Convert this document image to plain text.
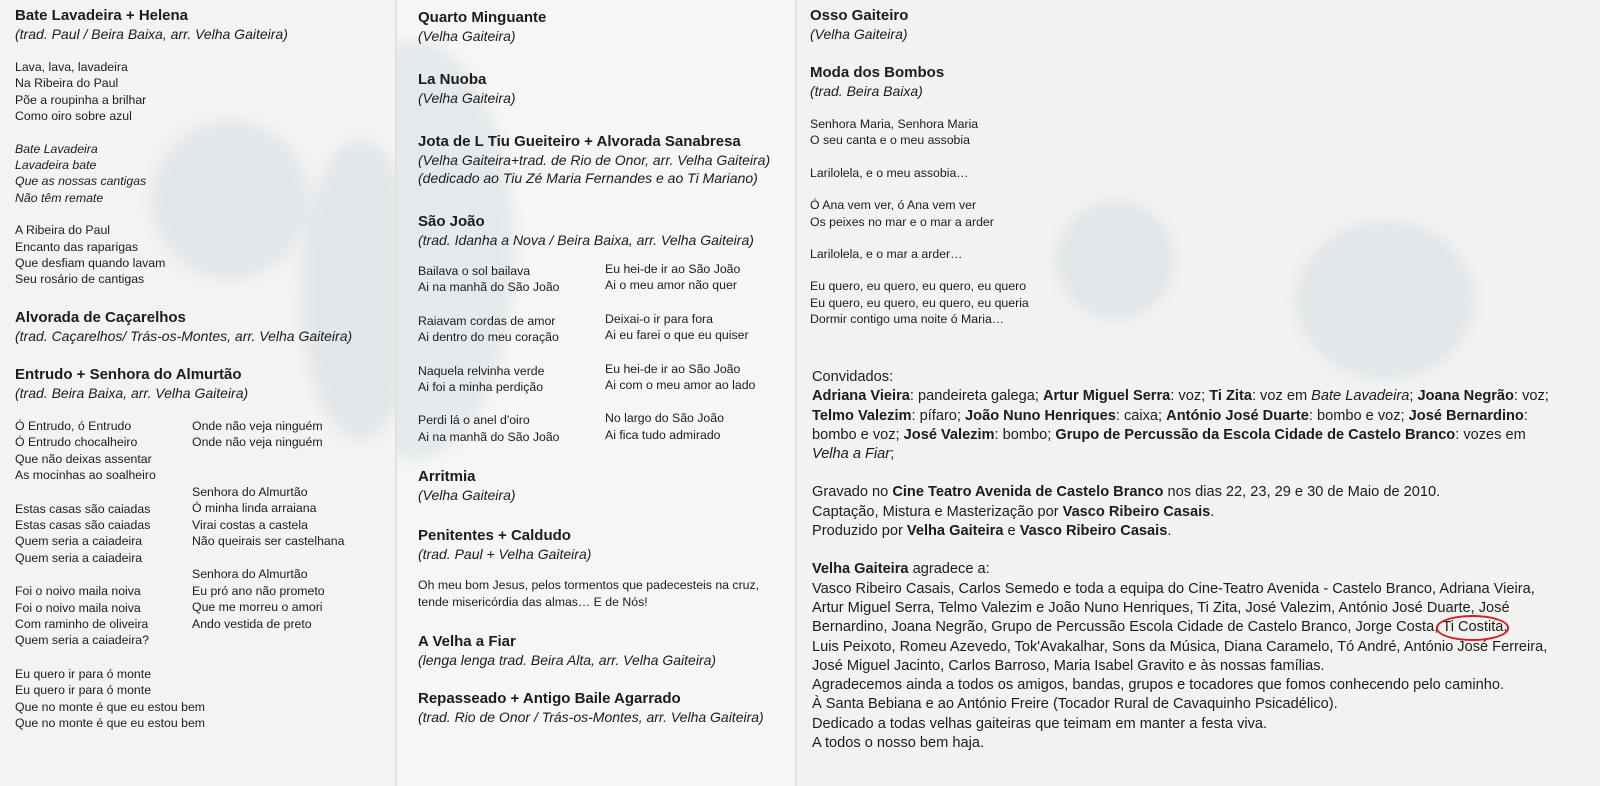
Bate Lavadeira + Helena
(trad. Paul / Beira Baixa, arr. Velha Gaiteira)
Lava, lava, lavadeira
Na Ribeira do Paul
Põe a roupinha a brilhar
Como oiro sobre azul
Bate Lavadeira
Lavadeira bate
Que as nossas cantigas
Não têm remate
A Ribeira do Paul
Encanto das raparigas
Que desfiam quando lavam
Seu rosário de cantigas
Alvorada de Caçarelhos
(trad. Caçarelhos/ Trás-os-Montes, arr. Velha Gaiteira)
Entrudo + Senhora do Almurtão
(trad. Beira Baixa, arr. Velha Gaiteira)
Ó Entrudo, ó Entrudo
Ó Entrudo chocalheiro
Que não deixas assentar
As mocinhas ao soalheiro
Estas casas são caiadas
Estas casas são caiadas
Quem seria a caiadeira
Quem seria a caiadeira
Foi o noivo maila noiva
Foi o noivo maila noiva
Com raminho de oliveira
Quem seria a caiadeira?
Eu quero ir para ó monte
Eu quero ir para ó monte
Que no monte é que eu estou bem
Que no monte é que eu estou bem
Onde não veja ninguém
Onde não veja ninguém
Senhora do Almurtão
Ó minha linda arraiana
Virai costas a castela
Não queirais ser castelhana
Senhora do Almurtão
Eu pró ano não prometo
Que me morreu o amori
Ando vestida de preto
Quarto Minguante
(Velha Gaiteira)
La Nuoba
(Velha Gaiteira)
Jota de L Tiu Gueiteiro + Alvorada Sanabresa
(Velha Gaiteira+trad. de Rio de Onor, arr. Velha Gaiteira)
(dedicado ao Tiu Zé Maria Fernandes e ao Ti Mariano)
São João
(trad. Idanha a Nova / Beira Baixa, arr. Velha Gaiteira)
Bailava o sol bailava
Ai na manhã do São João
Raiavam cordas de amor
Ai dentro do meu coração
Naquela relvinha verde
Ai foi a minha perdição
Perdi lá o anel d'oiro
Ai na manhã do São João
Eu hei-de ir ao São João
Ai o meu amor não quer
Deixai-o ir para fora
Ai eu farei o que eu quiser
Eu hei-de ir ao São João
Ai com o meu amor ao lado
No largo do São João
Ai fica tudo admirado
Arritmia
(Velha Gaiteira)
Penitentes + Caldudo
(trad. Paul + Velha Gaiteira)
Oh meu bom Jesus, pelos tormentos que padecesteis na cruz,
tende misericórdia das almas… E de Nós!
A Velha a Fiar
(lenga lenga trad. Beira Alta, arr. Velha Gaiteira)
Repasseado + Antigo Baile Agarrado
(trad. Rio de Onor / Trás-os-Montes, arr. Velha Gaiteira)
Osso Gaiteiro
(Velha Gaiteira)
Moda dos Bombos
(trad. Beira Baixa)
Senhora Maria, Senhora Maria
O seu canta e o meu assobia
Larilolela, e o meu assobia…
Ó Ana vem ver, ó Ana vem ver
Os peixes no mar e o mar a arder
Larilolela, e o mar a arder…
Eu quero, eu quero, eu quero, eu quero
Eu quero, eu quero, eu quero, eu queria
Dormir contigo uma noite ó Maria…
Convidados:
Adriana Vieira: pandeireta galega; Artur Miguel Serra: voz; Ti Zita: voz em Bate Lavadeira; Joana Negrão: voz;
Telmo Valezim: pífaro; João Nuno Henriques: caixa; António José Duarte: bombo e voz; José Bernardino:
bombo e voz; José Valezim: bombo; Grupo de Percussão da Escola Cidade de Castelo Branco: vozes em
Velha a Fiar;
Gravado no Cine Teatro Avenida de Castelo Branco nos dias 22, 23, 29 e 30 de Maio de 2010.
Captação, Mistura e Masterização por Vasco Ribeiro Casais.
Produzido por Velha Gaiteira e Vasco Ribeiro Casais.
Velha Gaiteira agradece a:
Vasco Ribeiro Casais, Carlos Semedo e toda a equipa do Cine-Teatro Avenida - Castelo Branco, Adriana Vieira,
Artur Miguel Serra, Telmo Valezim e João Nuno Henriques, Ti Zita, José Valezim, António José Duarte, José
Bernardino, Joana Negrão, Grupo de Percussão Escola Cidade de Castelo Branco, Jorge Costa, Ti Costita
,
Luis Peixoto, Romeu Azevedo, Tok'Avakalhar, Sons da Música, Diana Caramelo, Tó André, António José Ferreira,
José Miguel Jacinto, Carlos Barroso, Maria Isabel Gravito e às nossas famílias.
Agradecemos ainda a todos os amigos, bandas, grupos e tocadores que fomos conhecendo pelo caminho.
À Santa Bebiana e ao António Freire (Tocador Rural de Cavaquinho Psicadélico).
Dedicado a todas velhas gaiteiras que teimam em manter a festa viva.
A todos o nosso bem haja.
